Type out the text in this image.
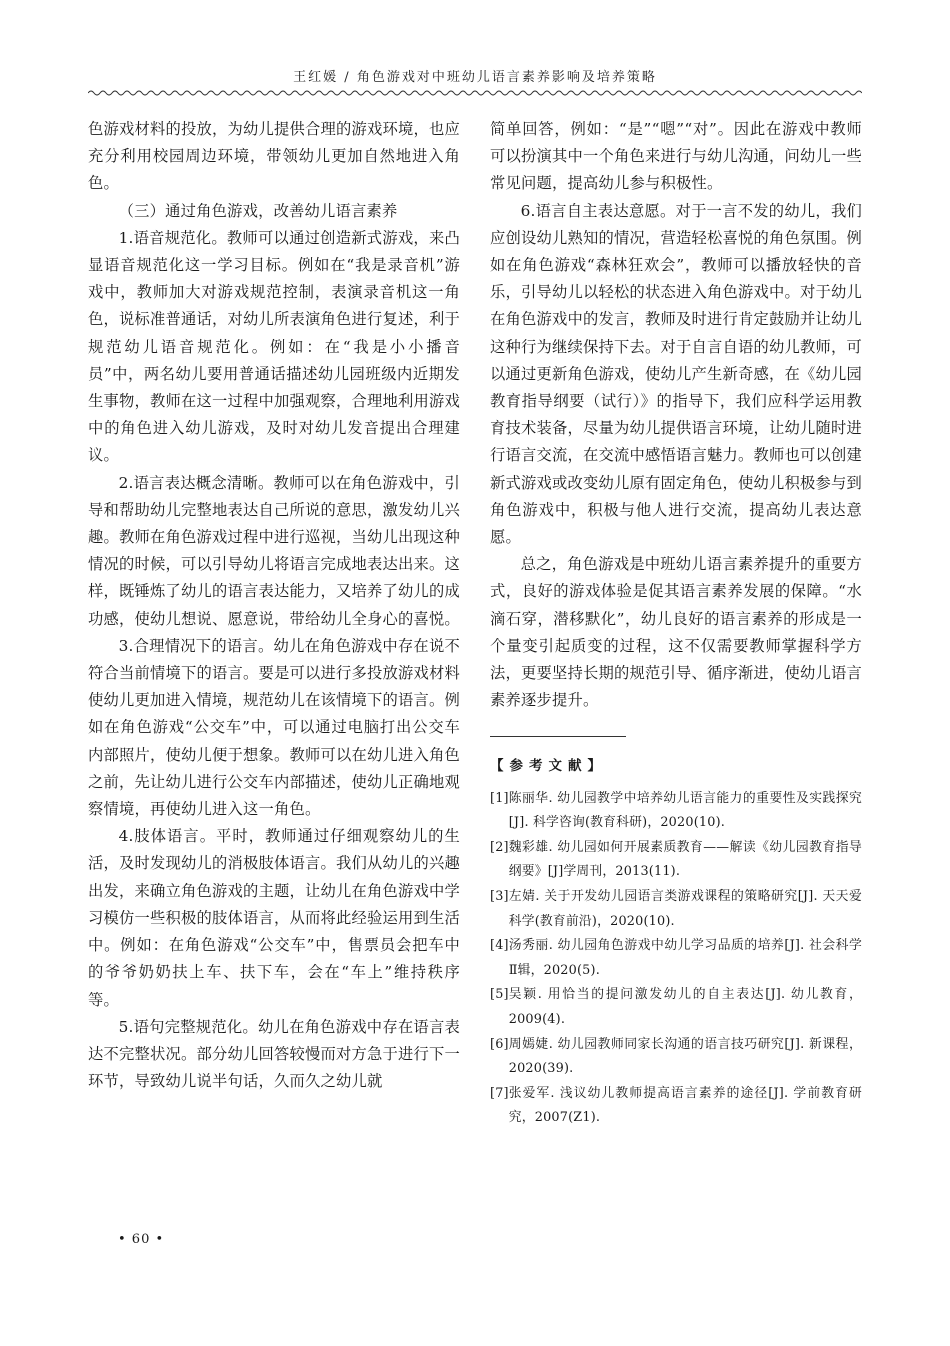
王红媛 / 角色游戏对中班幼儿语言素养影响及培养策略

色游戏材料的投放，为幼儿提供合理的游戏环境，也应充分利用校园周边环境，带领幼儿更加自然地进入角色。

（三）通过角色游戏，改善幼儿语言素养

1.语音规范化。教师可以通过创造新式游戏，来凸显语音规范化这一学习目标。例如在“我是录音机”游戏中，教师加大对游戏规范控制，表演录音机这一角色，说标准普通话，对幼儿所表演角色进行复述，利于规范幼儿语音规范化。例如：在“我是小小播音员”中，两名幼儿要用普通话描述幼儿园班级内近期发生事物，教师在这一过程中加强观察，合理地利用游戏中的角色进入幼儿游戏，及时对幼儿发音提出合理建议。

2.语言表达概念清晰。教师可以在角色游戏中，引导和帮助幼儿完整地表达自己所说的意思，激发幼儿兴趣。教师在角色游戏过程中进行巡视，当幼儿出现这种情况的时候，可以引导幼儿将语言完成地表达出来。这样，既锤炼了幼儿的语言表达能力，又培养了幼儿的成功感，使幼儿想说、愿意说，带给幼儿全身心的喜悦。

3.合理情况下的语言。幼儿在角色游戏中存在说不符合当前情境下的语言。要是可以进行多投放游戏材料使幼儿更加进入情境，规范幼儿在该情境下的语言。例如在角色游戏“公交车”中，可以通过电脑打出公交车内部照片，使幼儿便于想象。教师可以在幼儿进入角色之前，先让幼儿进行公交车内部描述，使幼儿正确地观察情境，再使幼儿进入这一角色。

4.肢体语言。平时，教师通过仔细观察幼儿的生活，及时发现幼儿的消极肢体语言。我们从幼儿的兴趣出发，来确立角色游戏的主题，让幼儿在角色游戏中学习模仿一些积极的肢体语言，从而将此经验运用到生活中。例如：在角色游戏“公交车”中，售票员会把车中的爷爷奶奶扶上车、扶下车，会在“车上”维持秩序等。

5.语句完整规范化。幼儿在角色游戏中存在语言表达不完整状况。部分幼儿回答较慢而对方急于进行下一环节，导致幼儿说半句话，久而久之幼儿就

简单回答，例如：“是”“嗯”“对”。因此在游戏中教师可以扮演其中一个角色来进行与幼儿沟通，问幼儿一些常见问题，提高幼儿参与积极性。

6.语言自主表达意愿。对于一言不发的幼儿，我们应创设幼儿熟知的情况，营造轻松喜悦的角色氛围。例如在角色游戏“森林狂欢会”，教师可以播放轻快的音乐，引导幼儿以轻松的状态进入角色游戏中。对于幼儿在角色游戏中的发言，教师及时进行肯定鼓励并让幼儿这种行为继续保持下去。对于自言自语的幼儿教师，可以通过更新角色游戏，使幼儿产生新奇感，在《幼儿园教育指导纲要（试行）》的指导下，我们应科学运用教育技术装备，尽量为幼儿提供语言环境，让幼儿随时进行语言交流，在交流中感悟语言魅力。教师也可以创建新式游戏或改变幼儿原有固定角色，使幼儿积极参与到角色游戏中，积极与他人进行交流，提高幼儿表达意愿。

总之，角色游戏是中班幼儿语言素养提升的重要方式，良好的游戏体验是促其语言素养发展的保障。“水滴石穿，潜移默化”，幼儿良好的语言素养的形成是一个量变引起质变的过程，这不仅需要教师掌握科学方法，更要坚持长期的规范引导、循序渐进，使幼儿语言素养逐步提升。

【参考文献】
[1] 陈丽华. 幼儿园教学中培养幼儿语言能力的重要性及实践探究[J]. 科学咨询(教育科研)，2020(10).
[2] 魏彩雄. 幼儿园如何开展素质教育——解读《幼儿园教育指导纲要》[J]学周刊，2013(11).
[3] 左婧. 关于开发幼儿园语言类游戏课程的策略研究[J]. 天天爱科学(教育前沿)，2020(10).
[4] 汤秀丽. 幼儿园角色游戏中幼儿学习品质的培养[J]. 社会科学Ⅱ辑，2020(5).
[5] 吴颖. 用恰当的提问激发幼儿的自主表达[J]. 幼儿教育，2009(4).
[6] 周嫣婕. 幼儿园教师同家长沟通的语言技巧研究[J]. 新课程，2020(39).
[7] 张爱军. 浅议幼儿教师提高语言素养的途径[J]. 学前教育研究，2007(Z1).
• 60 •
